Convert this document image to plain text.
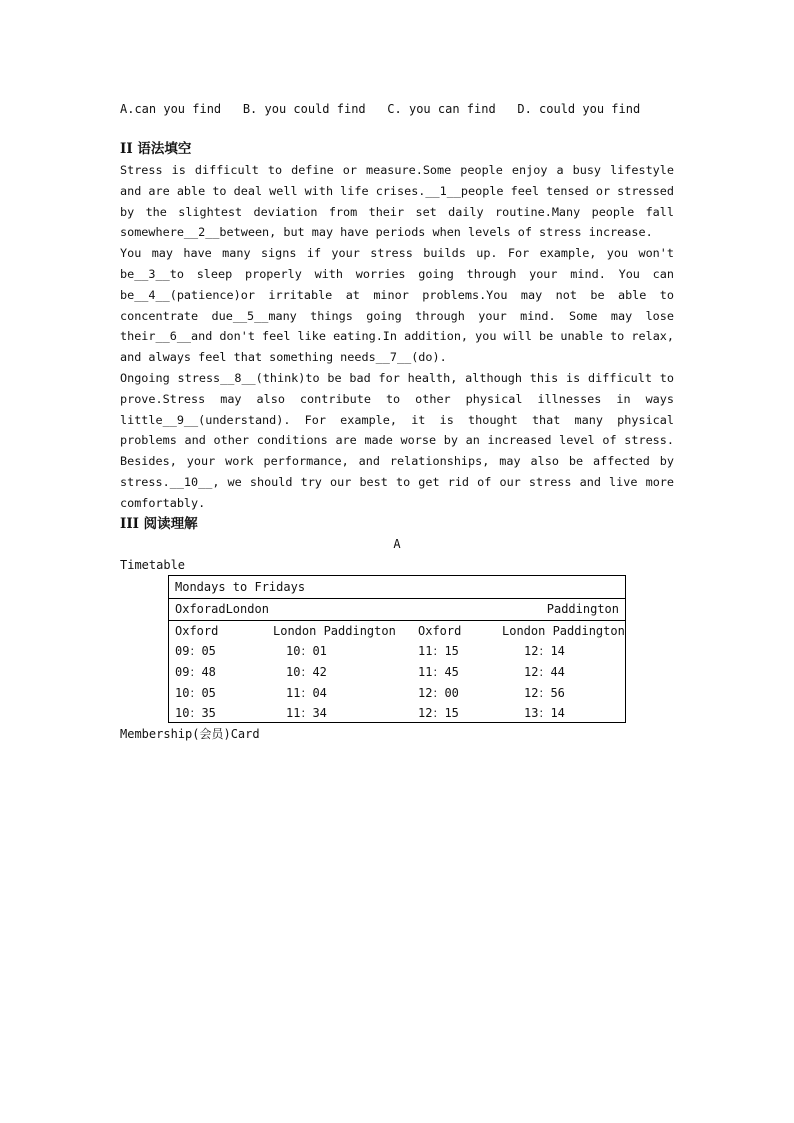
A.can you find   B. you could find   C. you can find   D. could you find
II 语法填空

Stress is difficult to define or measure.Some people enjoy a busy lifestyle and are able to deal well with life crises.__1__people feel tensed or stressed by the slightest deviation from their set daily routine.Many people fall somewhere__2__between, but may have periods when levels of stress increase.

You may have many signs if your stress builds up. For example, you won't be__3__to sleep properly with worries going through your mind. You can be__4__(patience)or irritable at minor problems.You may not be able to concentrate due__5__many things going through your mind. Some may lose their__6__and don't feel like eating.In addition, you will be unable to relax, and always feel that something needs__7__(do).

Ongoing stress__8__(think)to be bad for health, although this is difficult to prove.Stress may also contribute to other physical illnesses in ways little__9__(understand). For example, it is thought that many physical problems and other conditions are made worse by an increased level of stress. Besides, your work performance, and relationships, may also be affected by stress.__10__, we should try our best to get rid of our stress and live more comfortably.

III 阅读理解
A
Timetable
Mondays to Fridays
OxforadLondon	Paddington
Oxford	London Paddington Oxford	London Paddington
09：05	10：01	11：15	12：14
09：48	10：42	11：45	12：44
10：05	11：04	12：00	12：56
10：35	11：34	12：15	13：14
Membership(会员)Card
